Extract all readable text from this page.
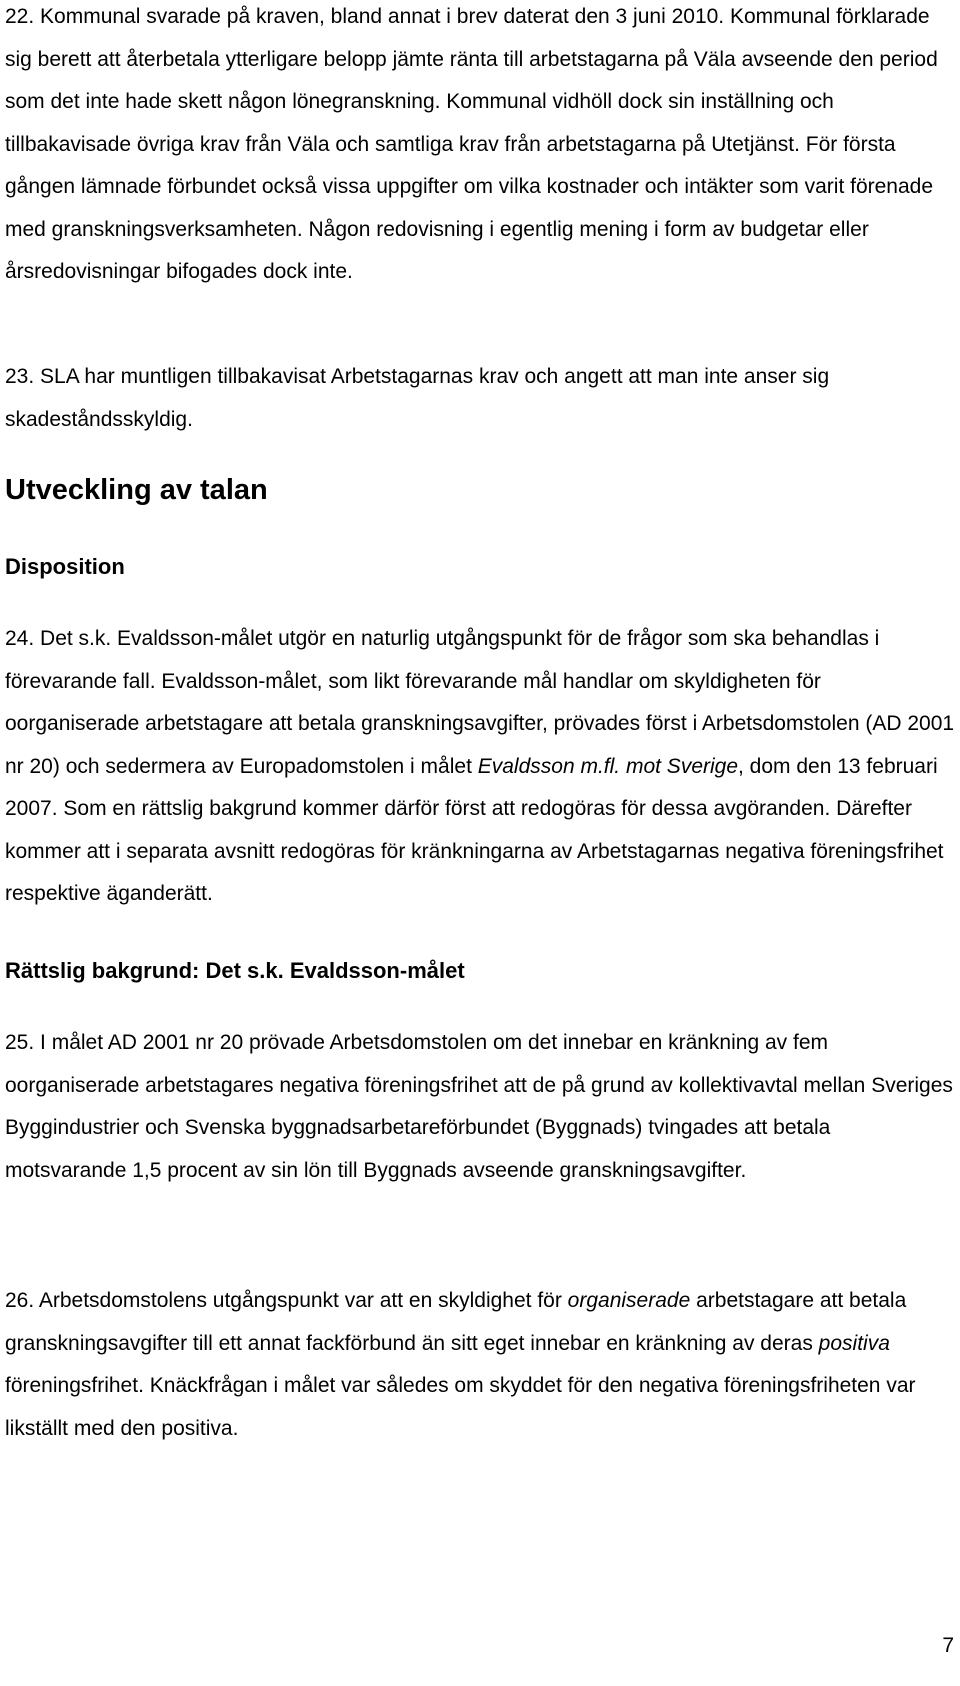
22. Kommunal svarade på kraven, bland annat i brev daterat den 3 juni 2010. Kommunal förklarade sig berett att återbetala ytterligare belopp jämte ränta till arbetstagarna på Väla avseende den period som det inte hade skett någon lönegranskning. Kommunal vidhöll dock sin inställning och tillbakavisade övriga krav från Väla och samtliga krav från arbetstagarna på Utetjänst. För första gången lämnade förbundet också vissa uppgifter om vilka kostnader och intäkter som varit förenade med granskningsverksamheten. Någon redovisning i egentlig mening i form av budgetar eller årsredovisningar bifogades dock inte.

23. SLA har muntligen tillbakavisat Arbetstagarnas krav och angett att man inte anser sig skadeståndsskyldig.

Utveckling av talan
Disposition

24. Det s.k. Evaldsson-målet utgör en naturlig utgångspunkt för de frågor som ska behandlas i förevarande fall. Evaldsson-målet, som likt förevarande mål handlar om skyldigheten för oorganiserade arbetstagare att betala granskningsavgifter, prövades först i Arbetsdomstolen (AD 2001 nr 20) och sedermera av Europadomstolen i målet Evaldsson m.fl. mot Sverige, dom den 13 februari 2007. Som en rättslig bakgrund kommer därför först att redogöras för dessa avgöranden. Därefter kommer att i separata avsnitt redogöras för kränkningarna av Arbetstagarnas negativa föreningsfrihet respektive äganderätt.

Rättslig bakgrund: Det s.k. Evaldsson-målet

25. I målet AD 2001 nr 20 prövade Arbetsdomstolen om det innebar en kränkning av fem oorganiserade arbetstagares negativa föreningsfrihet att de på grund av kollektivavtal mellan Sveriges Byggindustrier och Svenska byggnadsarbetareförbundet (Byggnads) tvingades att betala motsvarande 1,5 procent av sin lön till Byggnads avseende granskningsavgifter.

26. Arbetsdomstolens utgångspunkt var att en skyldighet för organiserade arbetstagare att betala granskningsavgifter till ett annat fackförbund än sitt eget innebar en kränkning av deras positiva föreningsfrihet. Knäckfrågan i målet var således om skyddet för den negativa föreningsfriheten var likställt med den positiva.

7
